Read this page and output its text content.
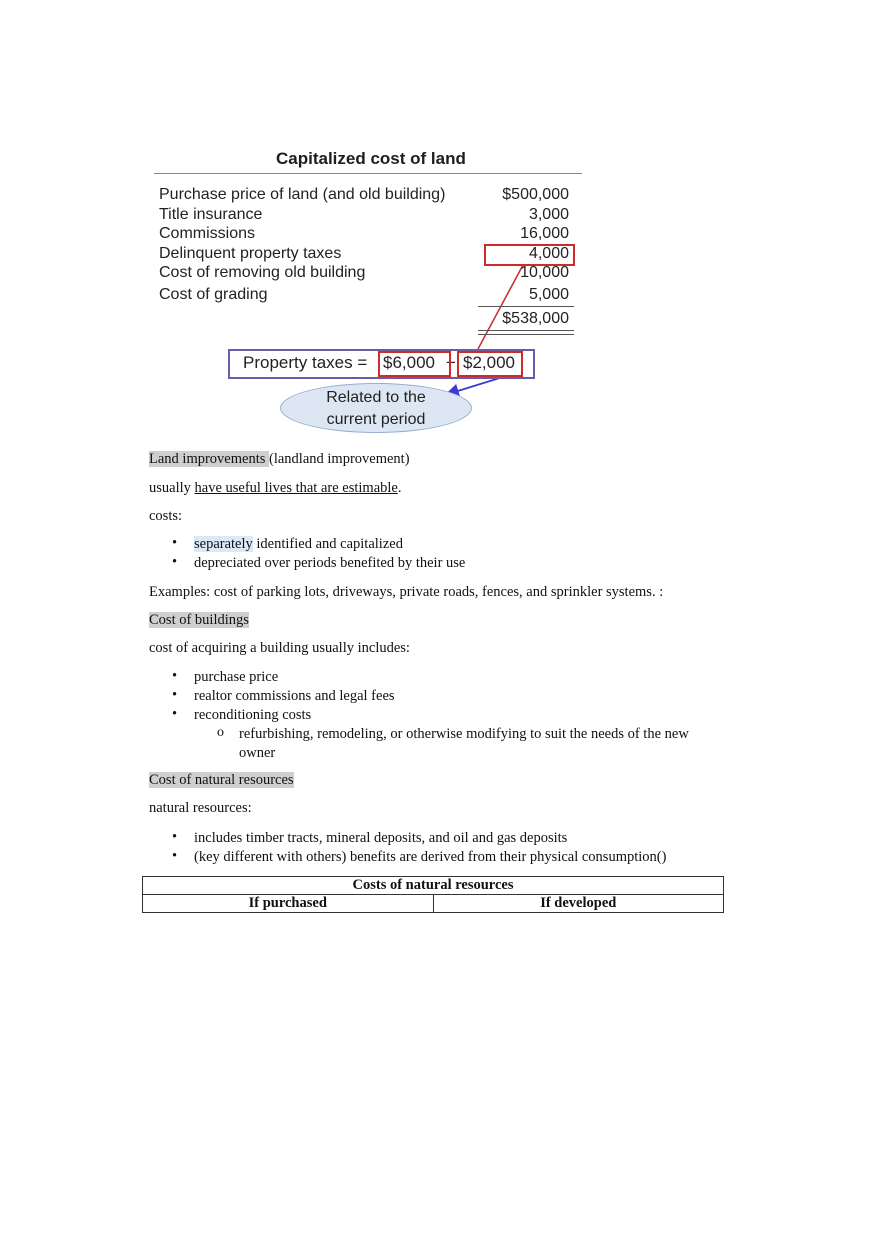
Capitalized cost of land
Purchase price of land (and old building)	$500,000
Title insurance	3,000
Commissions	16,000
Delinquent property taxes	4,000
Cost of removing old building	10,000
Cost of grading	5,000
$538,000
Property taxes = $6,000 − $2,000
Related to the
current period
Land improvements (landland improvement)
usually have useful lives that are estimable.
costs:
• separately identified and capitalized
• depreciated over periods benefited by their use
Examples: cost of parking lots, driveways, private roads, fences, and sprinkler systems. :
Cost of buildings
cost of acquiring a building usually includes:
• purchase price
• realtor commissions and legal fees
• reconditioning costs
o refurbishing, remodeling, or otherwise modifying to suit the needs of the new owner
Cost of natural resources
natural resources:
• includes timber tracts, mineral deposits, and oil and gas deposits
• (key different with others) benefits are derived from their physical consumption()
Costs of natural resources
If purchased	If developed
